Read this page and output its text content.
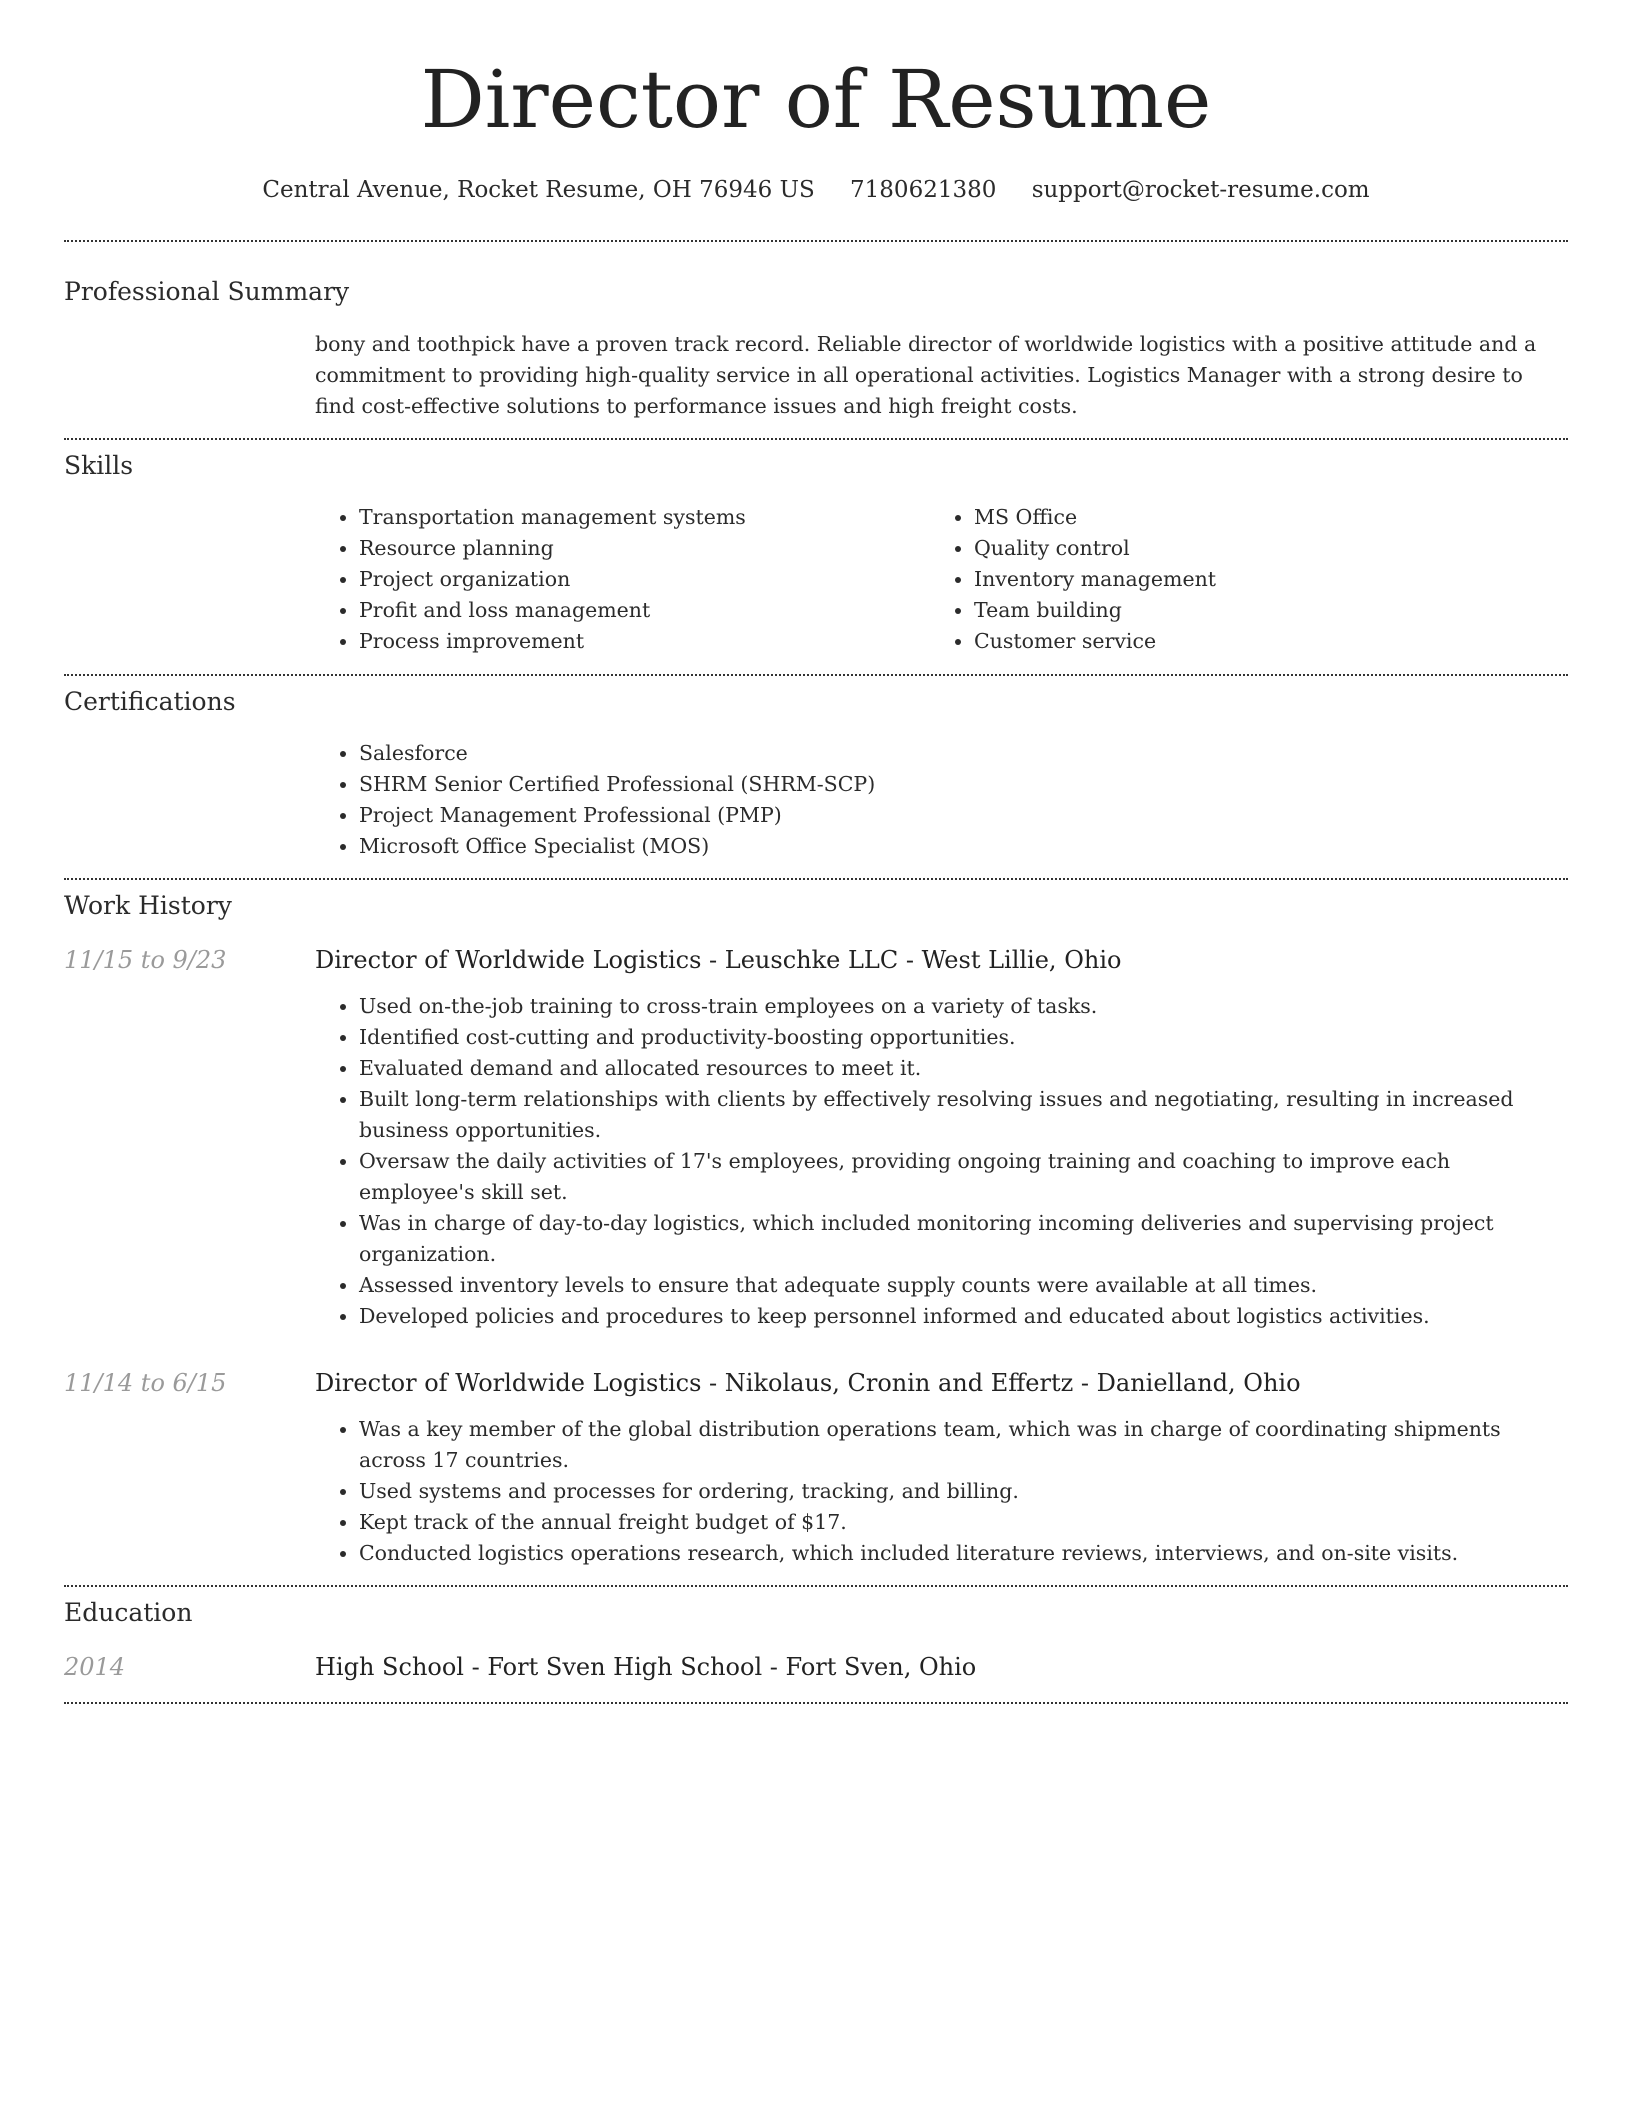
Director of Resume
Central Avenue, Rocket Resume, OH 76946 US 7180621380 support@rocket-resume.com
Professional Summary
bony and toothpick have a proven track record. Reliable director of worldwide logistics with a positive attitude and a commitment to providing high-quality service in all operational activities. Logistics Manager with a strong desire to find cost-effective solutions to performance issues and high freight costs.
Skills
• Transportation management systems
• Resource planning
• Project organization
• Profit and loss management
• Process improvement
• MS Office
• Quality control
• Inventory management
• Team building
• Customer service
Certifications
• Salesforce
• SHRM Senior Certified Professional (SHRM-SCP)
• Project Management Professional (PMP)
• Microsoft Office Specialist (MOS)
Work History
11/15 to 9/23	Director of Worldwide Logistics - Leuschke LLC - West Lillie, Ohio
• Used on-the-job training to cross-train employees on a variety of tasks.
• Identified cost-cutting and productivity-boosting opportunities.
• Evaluated demand and allocated resources to meet it.
• Built long-term relationships with clients by effectively resolving issues and negotiating, resulting in increased business opportunities.
• Oversaw the daily activities of 17's employees, providing ongoing training and coaching to improve each employee's skill set.
• Was in charge of day-to-day logistics, which included monitoring incoming deliveries and supervising project organization.
• Assessed inventory levels to ensure that adequate supply counts were available at all times.
• Developed policies and procedures to keep personnel informed and educated about logistics activities.
11/14 to 6/15	Director of Worldwide Logistics - Nikolaus, Cronin and Effertz - Danielland, Ohio
• Was a key member of the global distribution operations team, which was in charge of coordinating shipments across 17 countries.
• Used systems and processes for ordering, tracking, and billing.
• Kept track of the annual freight budget of $17.
• Conducted logistics operations research, which included literature reviews, interviews, and on-site visits.
Education
2014	High School - Fort Sven High School - Fort Sven, Ohio
